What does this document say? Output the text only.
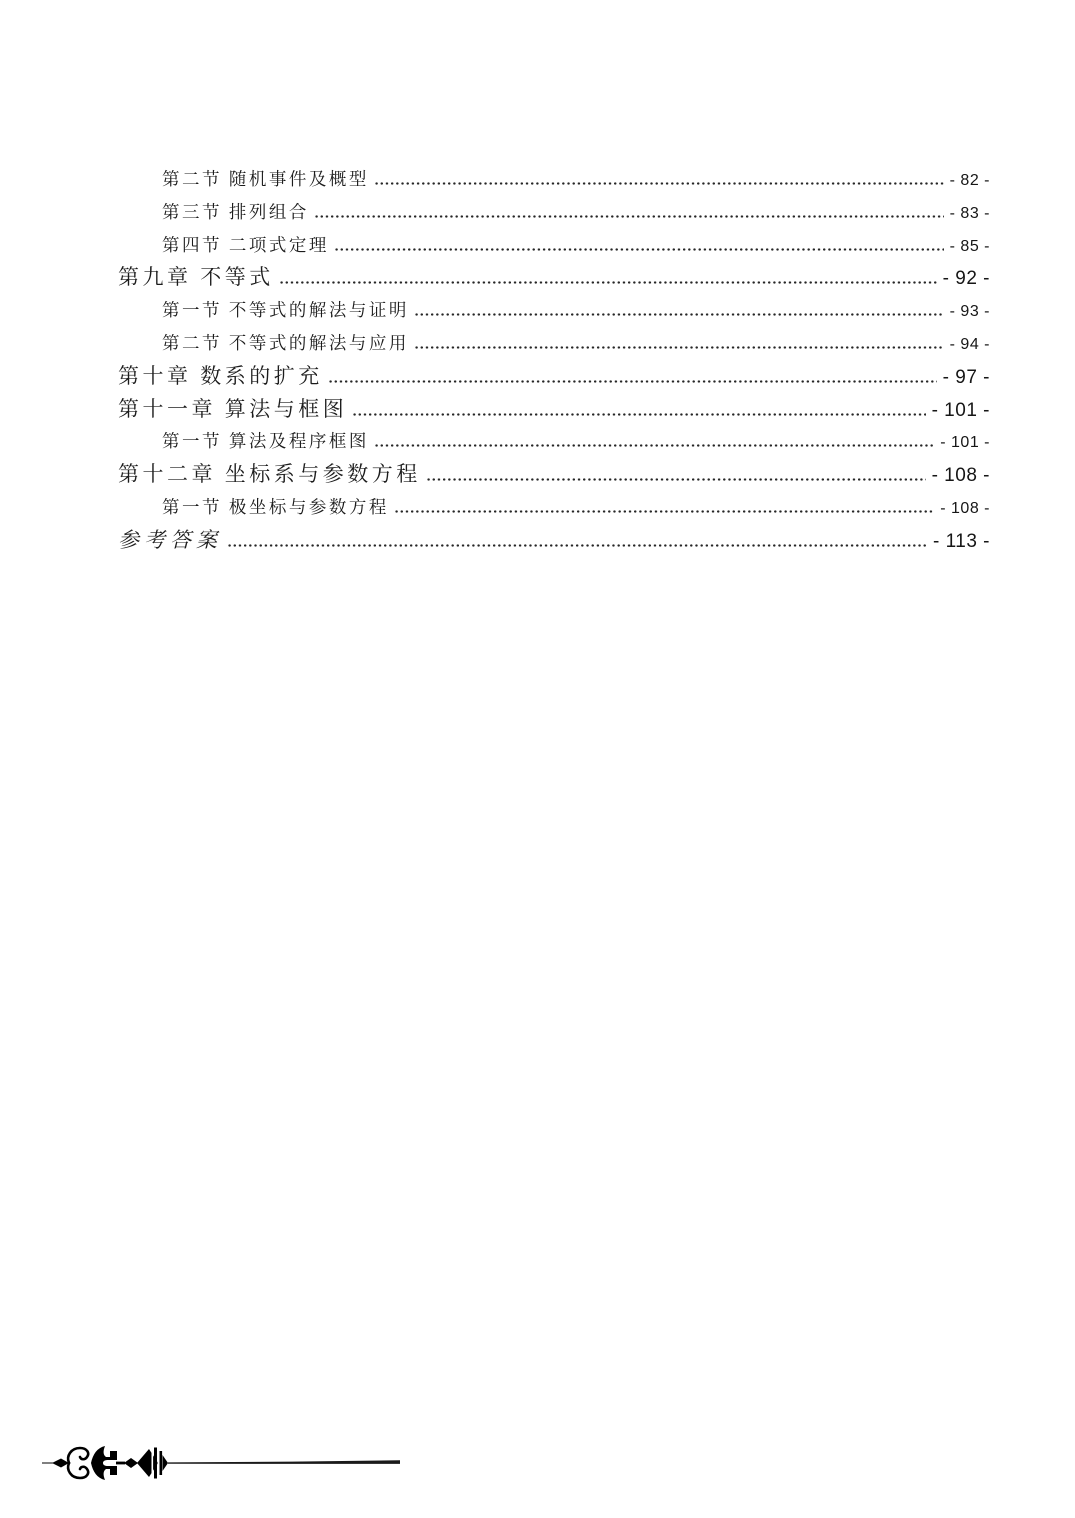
第二节 随机事件及概型	- 82 -
第三节 排列组合	- 83 -
第四节 二项式定理	- 85 -
第九章 不等式	- 92 -
第一节 不等式的解法与证明	- 93 -
第二节 不等式的解法与应用	- 94 -
第十章 数系的扩充	- 97 -
第十一章 算法与框图	- 101 -
第一节 算法及程序框图	- 101 -
第十二章 坐标系与参数方程	- 108 -
第一节 极坐标与参数方程	- 108 -
参考答案	- 113 -
